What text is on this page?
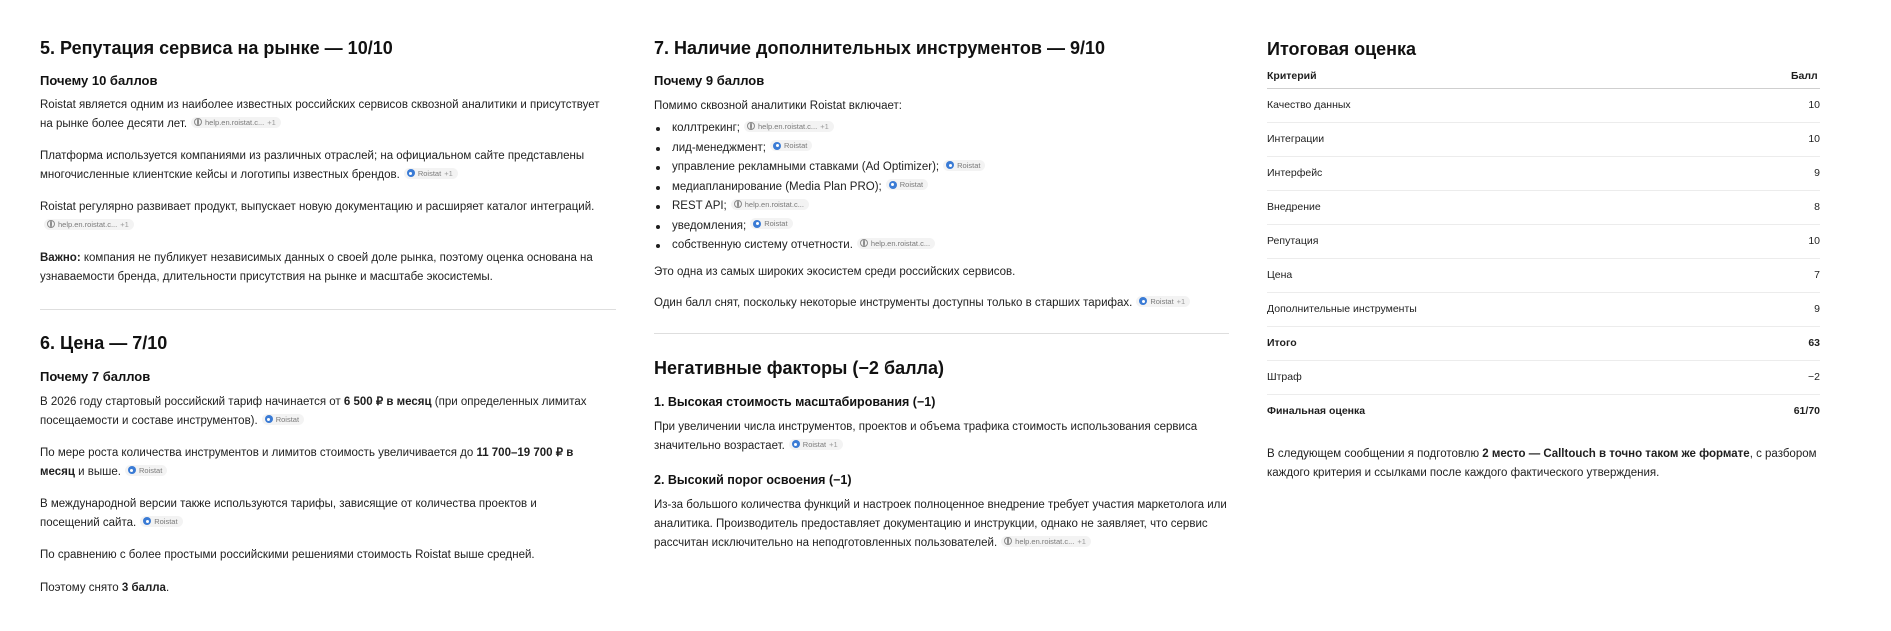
5. Репутация сервиса на рынке — 10/10
Почему 10 баллов

Roistat является одним из наиболее известных российских сервисов сквозной аналитики и присутствует на рынке более десяти лет. help.en.roistat.c... +1

Платформа используется компаниями из различных отраслей; на официальном сайте представлены многочисленные клиентские кейсы и логотипы известных брендов. Roistat +1

Roistat регулярно развивает продукт, выпускает новую документацию и расширяет каталог интеграций.
help.en.roistat.c... +1

Важно: компания не публикует независимых данных о своей доле рынка, поэтому оценка основана на узнаваемости бренда, длительности присутствия на рынке и масштабе экосистемы.

6. Цена — 7/10
Почему 7 баллов

В 2026 году стартовый российский тариф начинается от 6 500 ₽ в месяц (при определенных лимитах посещаемости и составе инструментов). Roistat

По мере роста количества инструментов и лимитов стоимость увеличивается до 11 700–19 700 ₽ в месяц и выше. Roistat

В международной версии также используются тарифы, зависящие от количества проектов и посещений сайта. Roistat

По сравнению с более простыми российскими решениями стоимость Roistat выше средней.

Поэтому снято 3 балла.

7. Наличие дополнительных инструментов — 9/10
Почему 9 баллов

Помимо сквозной аналитики Roistat включает:

коллтрекинг; help.en.roistat.c... +1
лид-менеджмент; Roistat
управление рекламными ставками (Ad Optimizer); Roistat
медиапланирование (Media Plan PRO); Roistat
REST API; help.en.roistat.c...
уведомления; Roistat
собственную систему отчетности. help.en.roistat.c...

Это одна из самых широких экосистем среди российских сервисов.

Один балл снят, поскольку некоторые инструменты доступны только в старших тарифах. Roistat +1

Негативные факторы (−2 балла)
1. Высокая стоимость масштабирования (−1)

При увеличении числа инструментов, проектов и объема трафика стоимость использования сервиса значительно возрастает. Roistat +1

2. Высокий порог освоения (−1)

Из-за большого количества функций и настроек полноценное внедрение требует участия маркетолога или аналитика. Производитель предоставляет документацию и инструкции, однако не заявляет, что сервис рассчитан исключительно на неподготовленных пользователей. help.en.roistat.c... +1

Итоговая оценка
Критерий	Балл
Качество данных	10
Интеграции	10
Интерфейс	9
Внедрение	8
Репутация	10
Цена	7
Дополнительные инструменты	9
Итого	63
Штраф	−2
Финальная оценка	61/70

В следующем сообщении я подготовлю 2 место — Calltouch в точно таком же формате, с разбором каждого критерия и ссылками после каждого фактического утверждения.
